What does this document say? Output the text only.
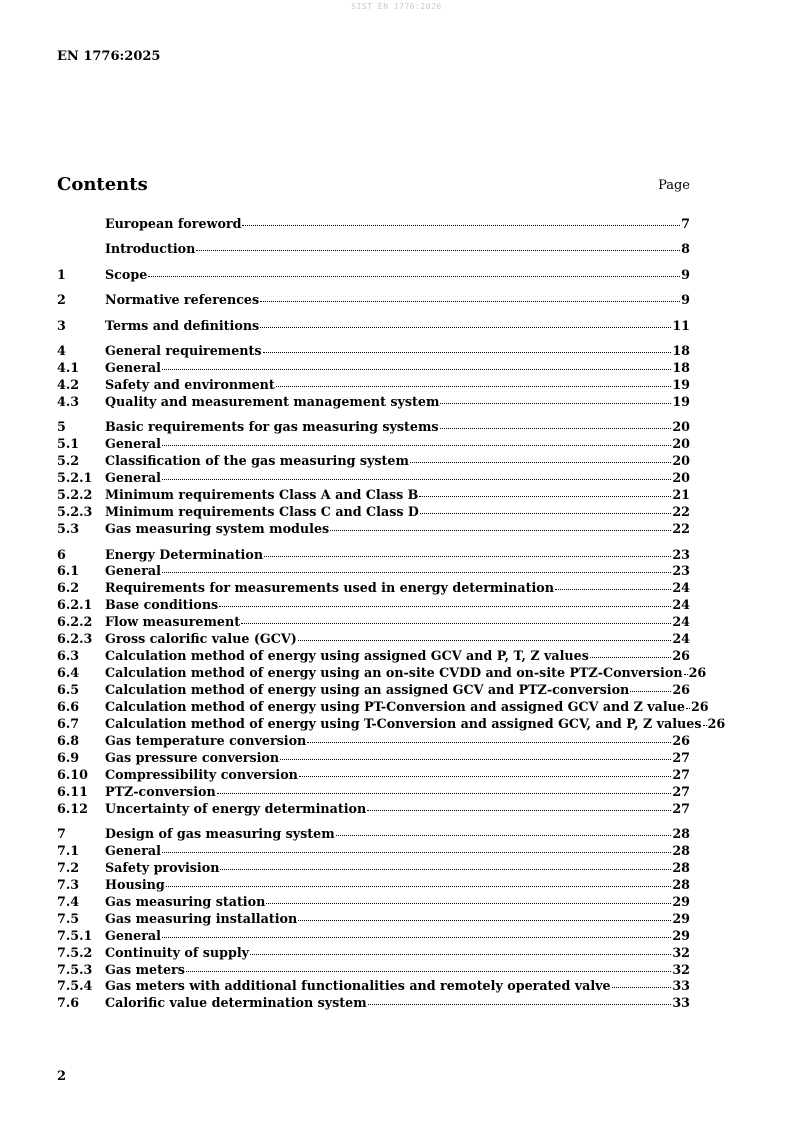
SIST EN 1776:2026
EN 1776:2025
Contents	Page
European foreword	7
Introduction	8
1	Scope	9
2	Normative references	9
3	Terms and definitions	11
4	General requirements	18
4.1	General	18
4.2	Safety and environment	19
4.3	Quality and measurement management system	19
5	Basic requirements for gas measuring systems	20
5.1	General	20
5.2	Classification of the gas measuring system	20
5.2.1 General	20
5.2.2 Minimum requirements Class A and Class B	21
5.2.3 Minimum requirements Class C and Class D	22
5.3	Gas measuring system modules	22
6	Energy Determination	23
6.1	General	23
6.2	Requirements for measurements used in energy determination	24
6.2.1 Base conditions	24
6.2.2 Flow measurement	24
6.2.3 Gross calorific value (GCV)	24
6.3	Calculation method of energy using assigned GCV and P, T, Z values	26
6.4	Calculation method of energy using an on-site CVDD and on-site PTZ-Conversion 26
6.5	Calculation method of energy using an assigned GCV and PTZ-conversion	26
6.6	Calculation method of energy using PT-Conversion and assigned GCV and Z value 26
6.7	Calculation method of energy using T-Conversion and assigned GCV, and P, Z values 26
6.8	Gas temperature conversion	26
6.9	Gas pressure conversion	27
6.10	Compressibility conversion	27
6.11	PTZ-conversion	27
6.12	Uncertainty of energy determination	27
7	Design of gas measuring system	28
7.1	General	28
7.2	Safety provision	28
7.3	Housing	28
7.4	Gas measuring station	29
7.5	Gas measuring installation	29
7.5.1 General	29
7.5.2 Continuity of supply	32
7.5.3 Gas meters	32
7.5.4 Gas meters with additional functionalities and remotely operated valve	33
7.6	Calorific value determination system	33
2
